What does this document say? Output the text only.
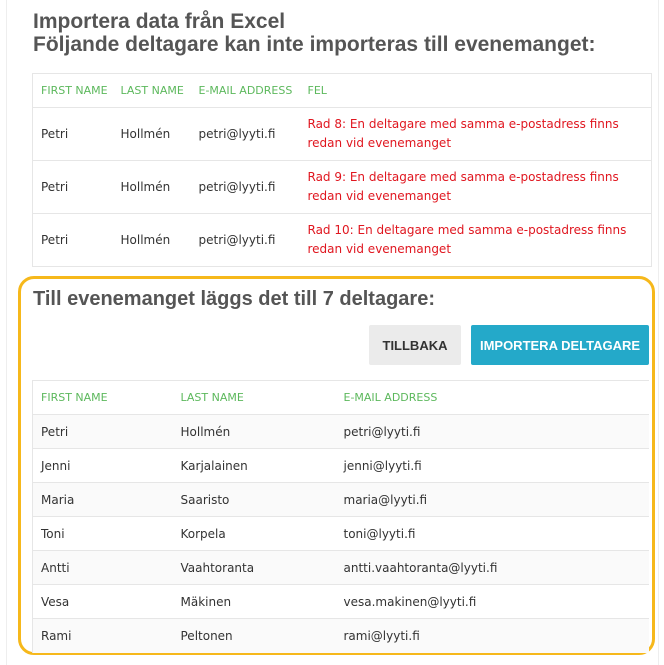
Importera data från Excel
Följande deltagare kan inte importeras till evenemanget:
FIRST NAME	LAST NAME	E-MAIL ADDRESS	FEL
Petri	Hollmén	petri@lyyti.fi	Rad 8: En deltagare med samma e-postadress finns redan vid evenemanget
Petri	Hollmén	petri@lyyti.fi	Rad 9: En deltagare med samma e-postadress finns redan vid evenemanget
Petri	Hollmén	petri@lyyti.fi	Rad 10: En deltagare med samma e-postadress finns redan vid evenemanget
Till evenemanget läggs det till 7 deltagare:
TILLBAKA	IMPORTERA DELTAGARE
FIRST NAME	LAST NAME	E-MAIL ADDRESS
Petri	Hollmén	petri@lyyti.fi
Jenni	Karjalainen	jenni@lyyti.fi
Maria	Saaristo	maria@lyyti.fi
Toni	Korpela	toni@lyyti.fi
Antti	Vaahtoranta	antti.vaahtoranta@lyyti.fi
Vesa	Mäkinen	vesa.makinen@lyyti.fi
Rami	Peltonen	rami@lyyti.fi
